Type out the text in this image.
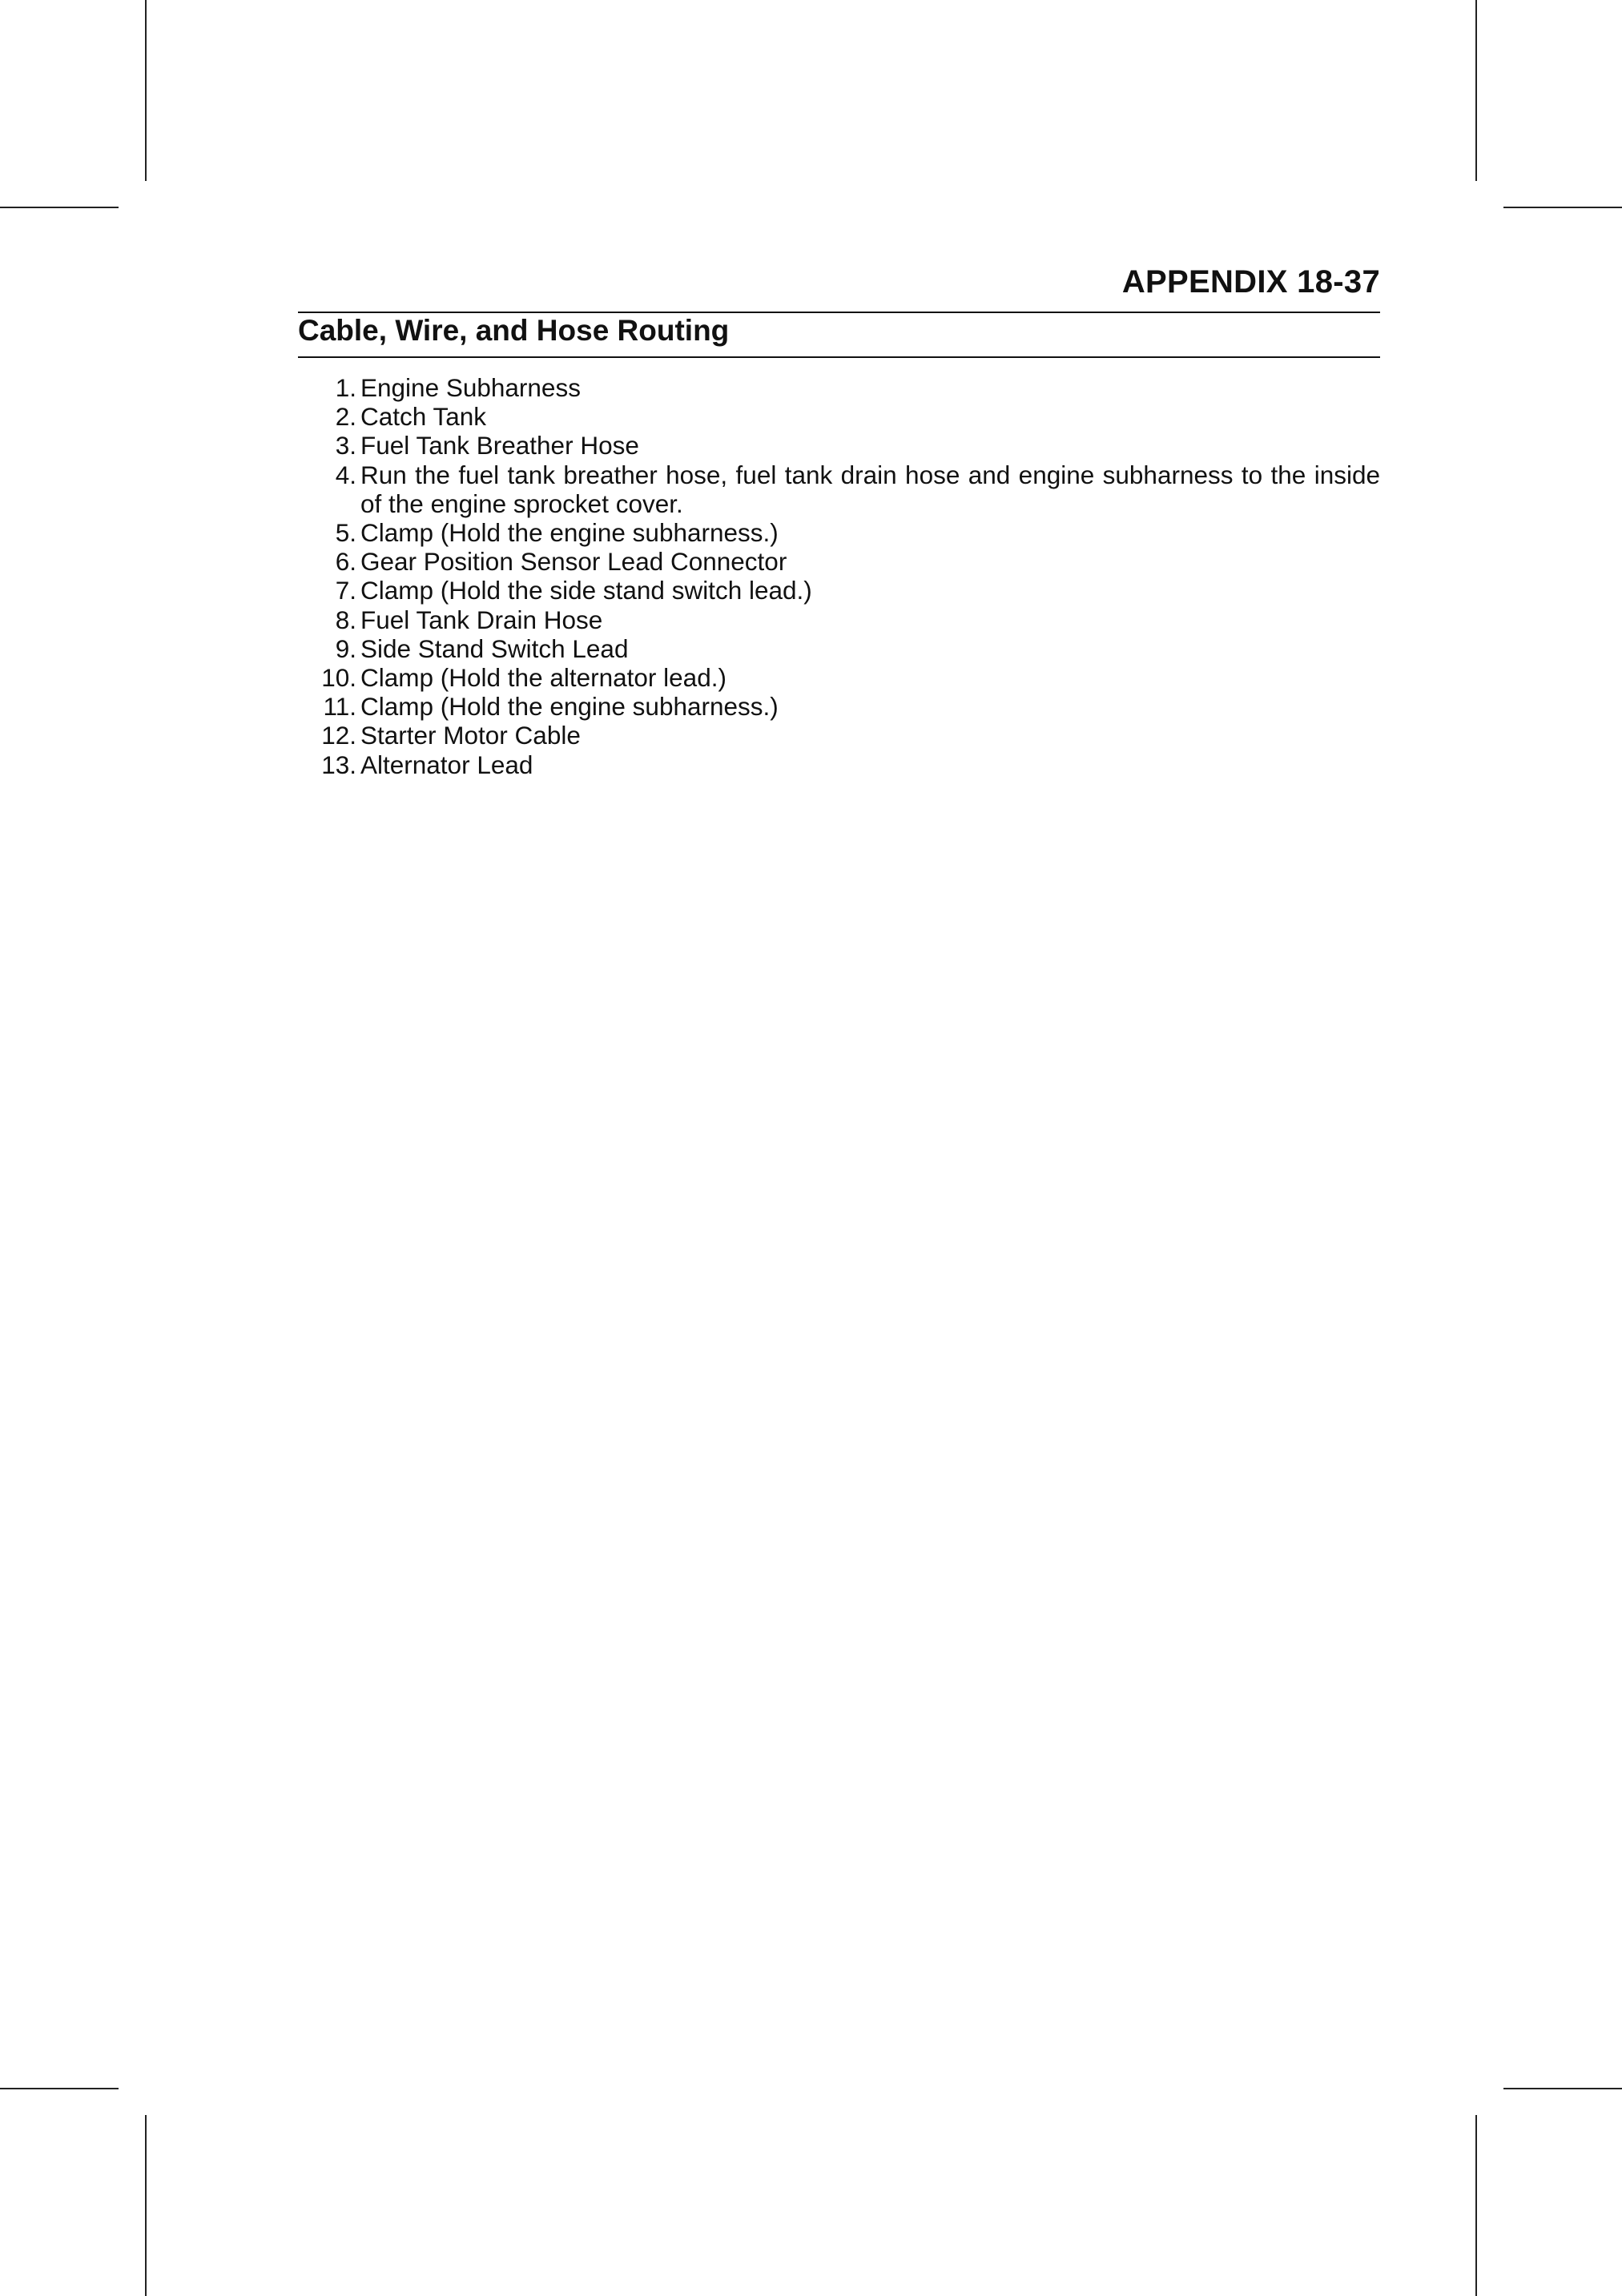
APPENDIX 18-37
Cable, Wire, and Hose Routing
1. Engine Subharness
2. Catch Tank
3. Fuel Tank Breather Hose
4. Run the fuel tank breather hose, fuel tank drain hose and engine subharness to the inside of the engine sprocket cover.
5. Clamp (Hold the engine subharness.)
6. Gear Position Sensor Lead Connector
7. Clamp (Hold the side stand switch lead.)
8. Fuel Tank Drain Hose
9. Side Stand Switch Lead
10. Clamp (Hold the alternator lead.)
11. Clamp (Hold the engine subharness.)
12. Starter Motor Cable
13. Alternator Lead
